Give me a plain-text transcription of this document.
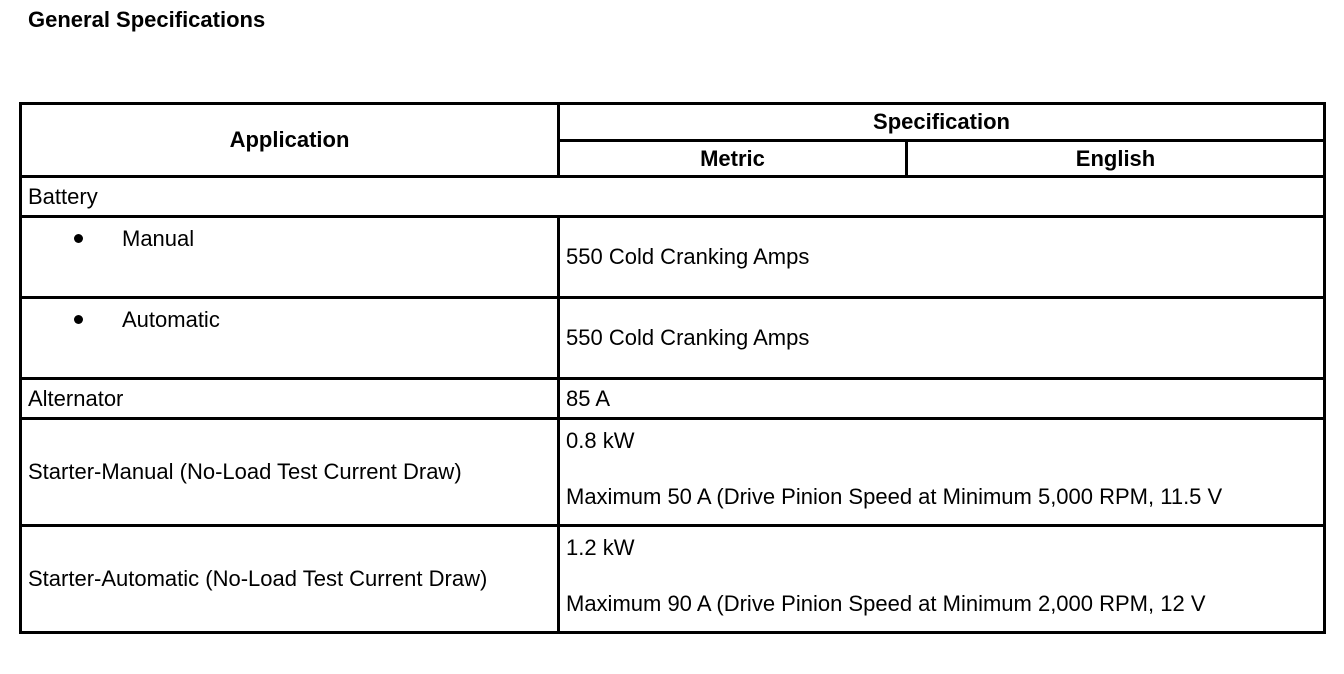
General Specifications
Application	Specification	
	Metric	English
Battery		

Manual	550 Cold Cranking Amps	

Automatic	550 Cold Cranking Amps	
Alternator	85 A	
Starter-Manual (No-Load Test Current Draw)	0.8 kW
Maximum 50 A (Drive Pinion Speed at Minimum 5,000 RPM, 11.5 V	

Starter-Automatic (No-Load Test Current Draw)	1.2 kW
Maximum 90 A (Drive Pinion Speed at Minimum 2,000 RPM, 12 V	
